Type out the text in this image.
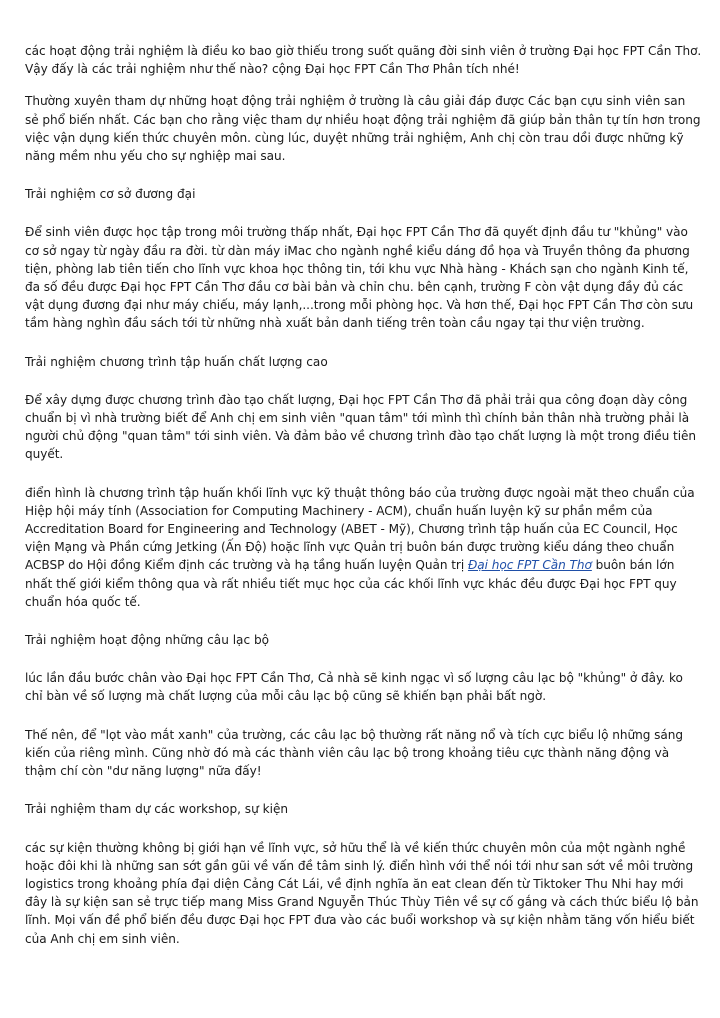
các hoạt động trải nghiệm là điều ko bao giờ thiếu trong suốt quãng đời sinh viên ở trường Đại học FPT Cần Thơ. Vậy đấy là các trải nghiệm như thế nào? cộng Đại học FPT Cần Thơ Phân tích nhé!

Thường xuyên tham dự những hoạt động trải nghiệm ở trường là câu giải đáp được Các bạn cựu sinh viên san sẻ phổ biến nhất. Các bạn cho rằng việc tham dự nhiều hoạt động trải nghiệm đã giúp bản thân tự tín hơn trong việc vận dụng kiến thức chuyên môn. cùng lúc, duyệt những trải nghiệm, Anh chị còn trau dồi được những kỹ năng mềm nhu yếu cho sự nghiệp mai sau.

Trải nghiệm cơ sở đương đại

Để sinh viên được học tập trong môi trường thấp nhất, Đại học FPT Cần Thơ đã quyết định đầu tư "khủng" vào cơ sở ngay từ ngày đầu ra đời. từ dàn máy iMac cho ngành nghề kiểu dáng đồ họa và Truyền thông đa phương tiện, phòng lab tiên tiến cho lĩnh vực khoa học thông tin, tới khu vực Nhà hàng - Khách sạn cho ngành Kinh tế, đa số đều được Đại học FPT Cần Thơ đầu cơ bài bản và chỉn chu. bên cạnh, trường F còn vật dụng đầy đủ các vật dụng đương đại như máy chiếu, máy lạnh,...trong mỗi phòng học. Và hơn thế, Đại học FPT Cần Thơ còn sưu tầm hàng nghìn đầu sách tới từ những nhà xuất bản danh tiếng trên toàn cầu ngay tại thư viện trường.

Trải nghiệm chương trình tập huấn chất lượng cao

Để xây dựng được chương trình đào tạo chất lượng, Đại học FPT Cần Thơ đã phải trải qua công đoạn dày công chuẩn bị vì nhà trường biết để Anh chị em sinh viên "quan tâm" tới mình thì chính bản thân nhà trường phải là người chủ động "quan tâm" tới sinh viên. Và đảm bảo về chương trình đào tạo chất lượng là một trong điều tiên quyết.

điển hình là chương trình tập huấn khối lĩnh vực kỹ thuật thông báo của trường được ngoài mặt theo chuẩn của Hiệp hội máy tính (Association for Computing Machinery - ACM), chuẩn huấn luyện kỹ sư phần mềm của Accreditation Board for Engineering and Technology (ABET - Mỹ), Chương trình tập huấn của EC Council, Học viện Mạng và Phần cứng Jetking (Ấn Độ) hoặc lĩnh vực Quản trị buôn bán được trường kiểu dáng theo chuẩn ACBSP do Hội đồng Kiểm định các trường và hạ tầng huấn luyện Quản trị Đại học FPT Cần Thơ buôn bán lớn nhất thế giới kiểm thông qua và rất nhiều tiết mục học của các khối lĩnh vực khác đều được Đại học FPT quy chuẩn hóa quốc tế.

Trải nghiệm hoạt động những câu lạc bộ

lúc lần đầu bước chân vào Đại học FPT Cần Thơ, Cả nhà sẽ kinh ngạc vì số lượng câu lạc bộ "khủng" ở đây. ko chỉ bàn về số lượng mà chất lượng của mỗi câu lạc bộ cũng sẽ khiến bạn phải bất ngờ.

Thế nên, để "lọt vào mắt xanh" của trường, các câu lạc bộ thường rất năng nổ và tích cực biểu lộ những sáng kiến của riêng mình. Cũng nhờ đó mà các thành viên câu lạc bộ trong khoảng tiêu cực thành năng động và thậm chí còn "dư năng lượng" nữa đấy!

Trải nghiệm tham dự các workshop, sự kiện

các sự kiện thường không bị giới hạn về lĩnh vực, sở hữu thể là về kiến thức chuyên môn của một ngành nghề hoặc đôi khi là những san sớt gần gũi về vấn đề tâm sinh lý. điển hình với thể nói tới như san sớt về môi trường logistics trong khoảng phía đại diện Cảng Cát Lái, về định nghĩa ăn eat clean đến từ Tiktoker Thu Nhi hay mới đây là sự kiện san sẻ trực tiếp mang Miss Grand Nguyễn Thúc Thùy Tiên về sự cố gắng và cách thức biểu lộ bản lĩnh. Mọi vấn đề phổ biến đều được Đại học FPT đưa vào các buổi workshop và sự kiện nhằm tăng vốn hiểu biết của Anh chị em sinh viên.
